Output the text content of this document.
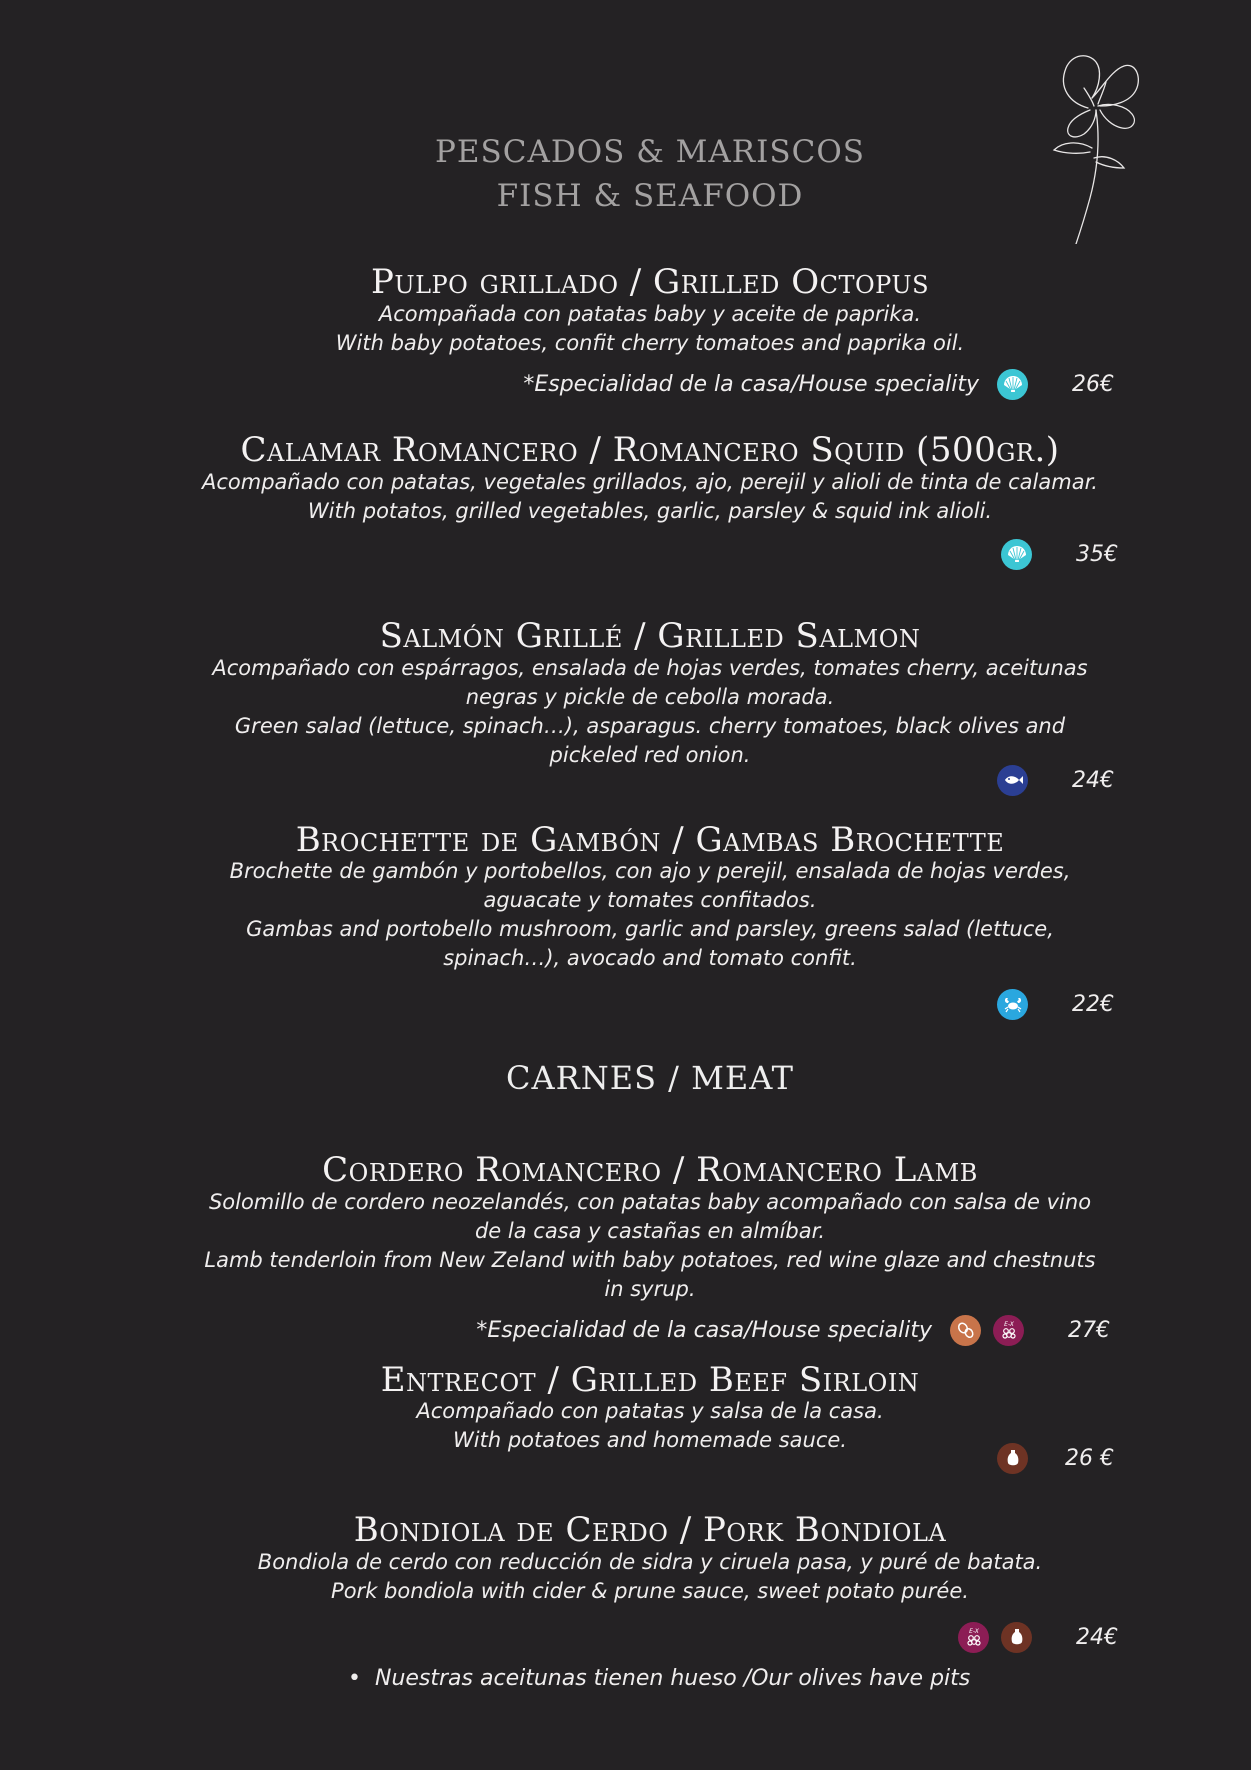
PESCADOS & MARISCOS
FISH & SEAFOOD
Pulpo grillado / Grilled Octopus
Acompañada con patatas baby y aceite de paprika.
With baby potatoes, confit cherry tomatoes and paprika oil.
*Especialidad de la casa/House speciality	26€
Calamar Romancero / Romancero Squid (500gr.)
Acompañado con patatas, vegetales grillados, ajo, perejil y alioli de tinta de calamar.
With potatos, grilled vegetables, garlic, parsley & squid ink alioli.
35€
Salmón Grillé / Grilled Salmon
Acompañado con espárragos, ensalada de hojas verdes, tomates cherry, aceitunas
negras y pickle de cebolla morada.
Green salad (lettuce, spinach…), asparagus. cherry tomatoes, black olives and
pickeled red onion.
24€
Brochette de Gambón / Gambas Brochette
Brochette de gambón y portobellos, con ajo y perejil, ensalada de hojas verdes,
aguacate y tomates confitados.
Gambas and portobello mushroom, garlic and parsley, greens salad (lettuce,
spinach…), avocado and tomato confit.
22€
CARNES / MEAT
Cordero Romancero / Romancero Lamb
Solomillo de cordero neozelandés, con patatas baby acompañado con salsa de vino
de la casa y castañas en almíbar.
Lamb tenderloin from New Zeland with baby potatoes, red wine glaze and chestnuts
in syrup.
*Especialidad de la casa/House speciality	E-X	27€
Entrecot / Grilled Beef Sirloin
Acompañado con patatas y salsa de la casa.
With potatoes and homemade sauce.
26 €
Bondiola de Cerdo / Pork Bondiola
Bondiola de cerdo con reducción de sidra y ciruela pasa, y puré de batata.
Pork bondiola with cider & prune sauce, sweet potato purée.
E-X	24€
• Nuestras aceitunas tienen hueso /Our olives have pits
